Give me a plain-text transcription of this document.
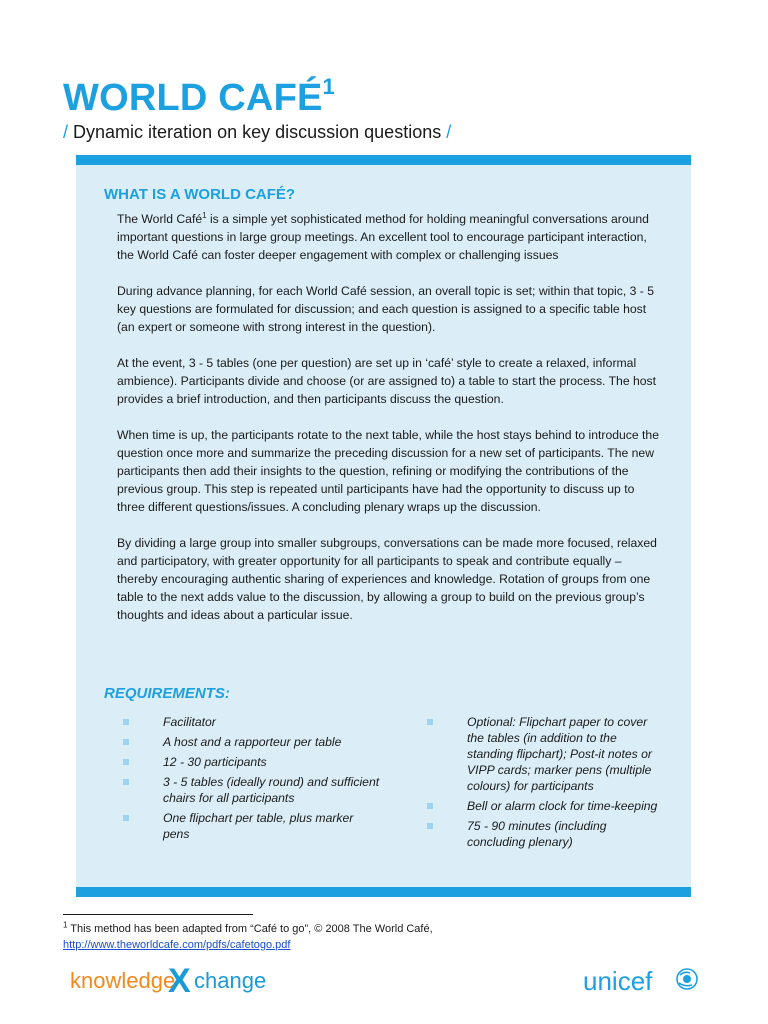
WORLD CAFÉ$^1$
/ Dynamic iteration on key discussion questions /
WHAT IS A WORLD CAFÉ?

The World Café$^1$ is a simple yet sophisticated method for holding meaningful conversations around important questions in large group meetings. An excellent tool to encourage participant interaction, the World Café can foster deeper engagement with complex or challenging issues

During advance planning, for each World Café session, an overall topic is set; within that topic, 3 - 5 key questions are formulated for discussion; and each question is assigned to a specific table host (an expert or someone with strong interest in the question).

At the event, 3 - 5 tables (one per question) are set up in ‘café’ style to create a relaxed, informal ambience). Participants divide and choose (or are assigned to) a table to start the process. The host provides a brief introduction, and then participants discuss the question.

When time is up, the participants rotate to the next table, while the host stays behind to introduce the question once more and summarize the preceding discussion for a new set of participants. The new participants then add their insights to the question, refining or modifying the contributions of the previous group. This step is repeated until participants have had the opportunity to discuss up to three different questions/issues. A concluding plenary wraps up the discussion.

By dividing a large group into smaller subgroups, conversations can be made more focused, relaxed and participatory, with greater opportunity for all participants to speak and contribute equally – thereby encouraging authentic sharing of experiences and knowledge. Rotation of groups from one table to the next adds value to the discussion, by allowing a group to build on the previous group’s thoughts and ideas about a particular issue.

REQUIREMENTS:
Facilitator
A host and a rapporteur per table
12 - 30 participants
3 - 5 tables (ideally round) and sufficient chairs for all participants
One flipchart per table, plus marker pens
Optional: Flipchart paper to cover the tables (in addition to the standing flipchart); Post-it notes or VIPP cards; marker pens (multiple colours) for participants
Bell or alarm clock for time-keeping
75 - 90 minutes (including concluding plenary)
$^1$ This method has been adapted from “Café to go”, © 2008 The World Café,
http://www.theworldcafe.com/pdfs/cafetogo.pdf
knowledge
X change	unicef
